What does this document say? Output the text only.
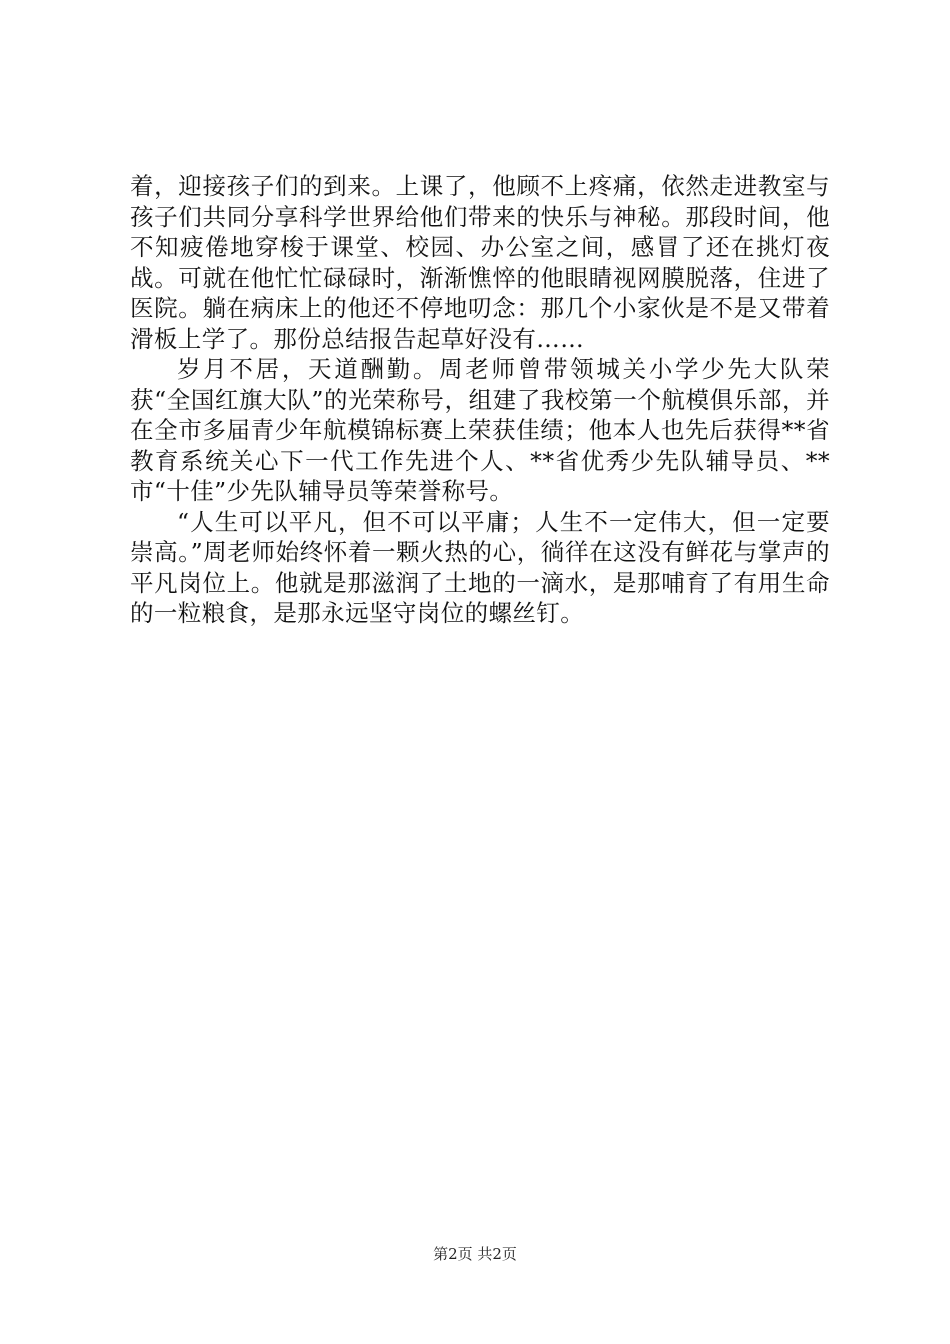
着，迎接孩子们的到来。上课了，他顾不上疼痛，依然走进教室与孩子们共同分享科学世界给他们带来的快乐与神秘。那段时间，他不知疲倦地穿梭于课堂、校园、办公室之间，感冒了还在挑灯夜战。可就在他忙忙碌碌时，渐渐憔悴的他眼睛视网膜脱落，住进了医院。躺在病床上的他还不停地叨念：那几个小家伙是不是又带着滑板上学了。那份总结报告起草好没有……

岁月不居，天道酬勤。周老师曾带领城关小学少先大队荣获“全国红旗大队”的光荣称号，组建了我校第一个航模俱乐部，并在全市多届青少年航模锦标赛上荣获佳绩；他本人也先后获得**省教育系统关心下一代工作先进个人、**省优秀少先队辅导员、**市“十佳”少先队辅导员等荣誉称号。

“人生可以平凡，但不可以平庸；人生不一定伟大，但一定要崇高。”周老师始终怀着一颗火热的心，徜徉在这没有鲜花与掌声的平凡岗位上。他就是那滋润了土地的一滴水，是那哺育了有用生命的一粒粮食，是那永远坚守岗位的螺丝钉。

第2页 共2页
